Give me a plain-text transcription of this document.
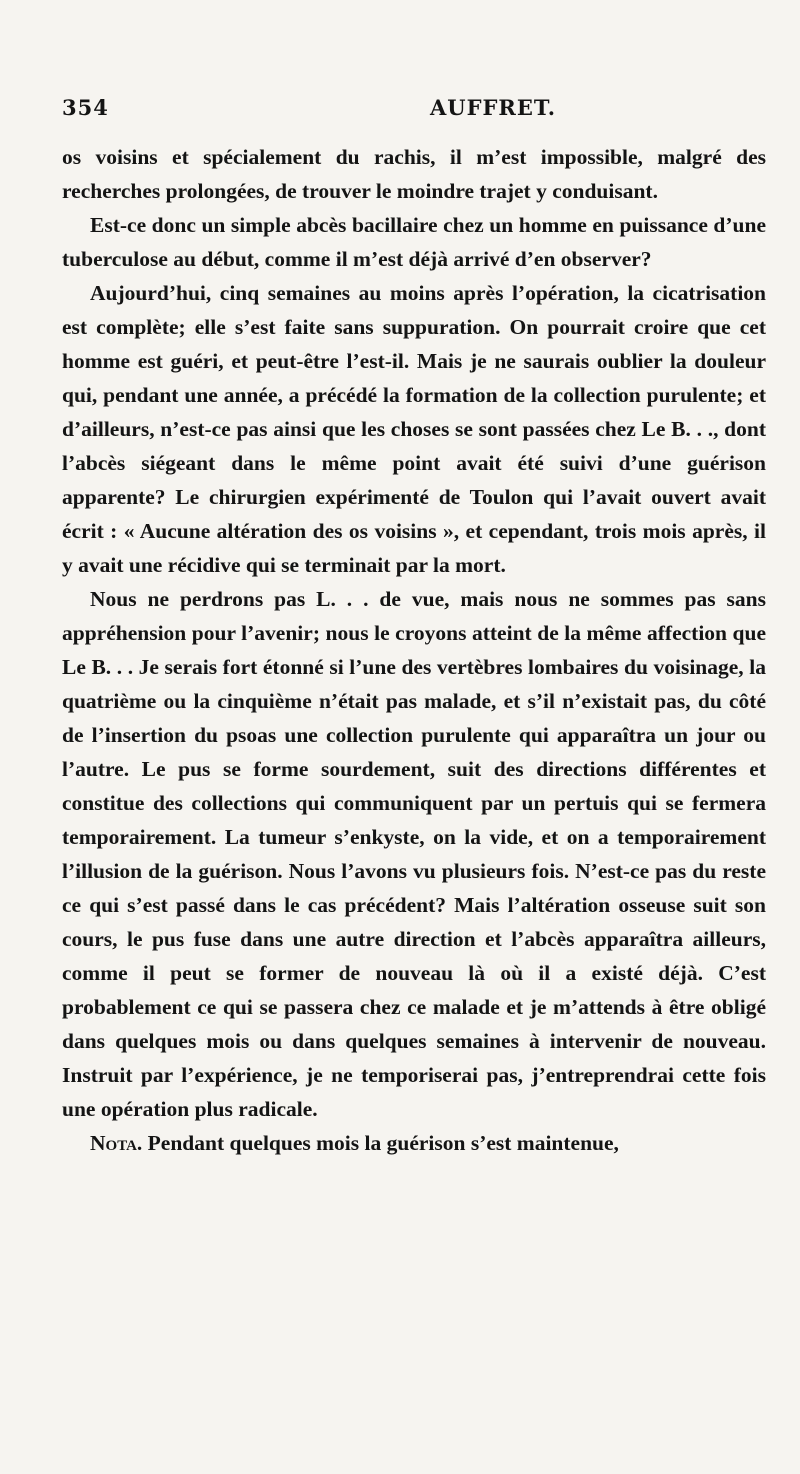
354	AUFFRET.

os voisins et spécialement du rachis, il m’est impossible, malgré des recherches prolongées, de trouver le moindre trajet y conduisant.

Est-ce donc un simple abcès bacillaire chez un homme en puissance d’une tuberculose au début, comme il m’est déjà arrivé d’en observer?

Aujourd’hui, cinq semaines au moins après l’opération, la cicatrisation est complète; elle s’est faite sans suppuration. On pourrait croire que cet homme est guéri, et peut-être l’est-il. Mais je ne saurais oublier la douleur qui, pendant une année, a précédé la formation de la collection purulente; et d’ailleurs, n’est-ce pas ainsi que les choses se sont passées chez Le B. . ., dont l’abcès siégeant dans le même point avait été suivi d’une guérison apparente? Le chirurgien expérimenté de Toulon qui l’avait ouvert avait écrit : « Aucune altération des os voisins », et cependant, trois mois après, il y avait une récidive qui se terminait par la mort.

Nous ne perdrons pas L. . . de vue, mais nous ne sommes pas sans appréhension pour l’avenir; nous le croyons atteint de la même affection que Le B. . . Je serais fort étonné si l’une des vertèbres lombaires du voisinage, la quatrième ou la cinquième n’était pas malade, et s’il n’existait pas, du côté de l’insertion du psoas une collection purulente qui apparaîtra un jour ou l’autre. Le pus se forme sourdement, suit des directions différentes et constitue des collections qui communiquent par un pertuis qui se fermera temporairement. La tumeur s’enkyste, on la vide, et on a temporairement l’illusion de la guérison. Nous l’avons vu plusieurs fois. N’est-ce pas du reste ce qui s’est passé dans le cas précédent? Mais l’altération osseuse suit son cours, le pus fuse dans une autre direction et l’abcès apparaîtra ailleurs, comme il peut se former de nouveau là où il a existé déjà. C’est probablement ce qui se passera chez ce malade et je m’attends à être obligé dans quelques mois ou dans quelques semaines à intervenir de nouveau. Instruit par l’expérience, je ne temporiserai pas, j’entreprendrai cette fois une opération plus radicale.

Nota. Pendant quelques mois la guérison s’est maintenue,
